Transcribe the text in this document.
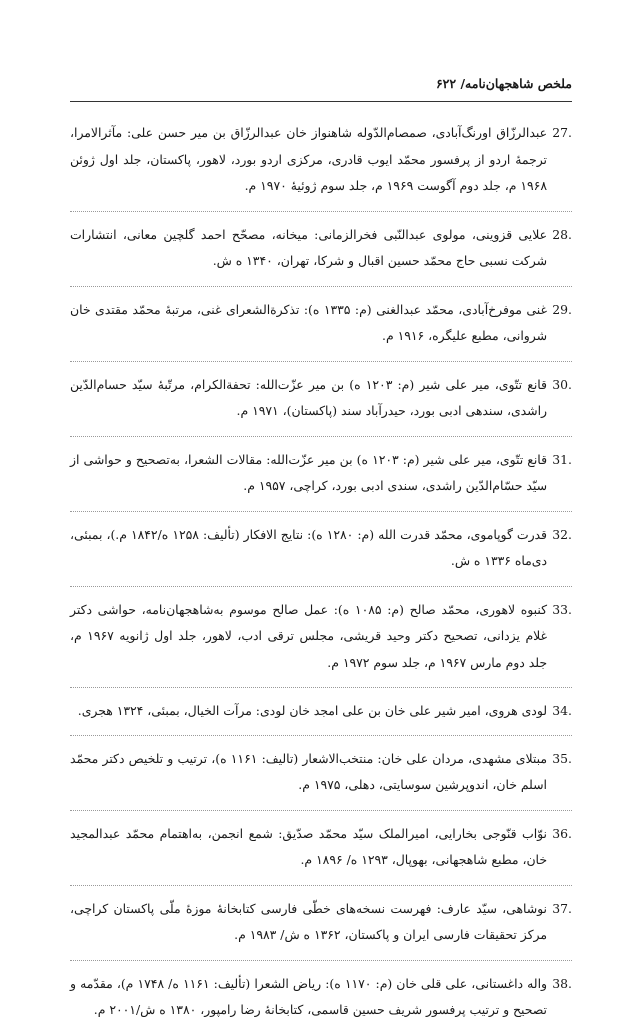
ملخص شاهجهان‌نامه/ ۶۲۲
27.
عبدالرزّاق اورنگ‌آبادی، صمصام‌الدّوله شاهنواز خان عبدالرزّاق بن میر حسن علی: مآثرالامرا، ترجمهٔ اردو از پرفسور محمّد ایوب قادری، مرکزی اردو بورد، لاهور، پاکستان، جلد اول ژوئن ۱۹۶۸ م، جلد دوم آگوست ۱۹۶۹ م، جلد سوم ژوئیهٔ ۱۹۷۰ م.
28.
علایی قزوینی، مولوی عبدالنّبی فخرالزمانی: میخانه، مصحّح احمد گلچین معانی، انتشارات شرکت نسبی حاج محمّد حسین اقبال و شرکا، تهران، ۱۳۴۰ ه ش.
29.
غنی موفرخ‌آبادی، محمّد عبدالغنی (م: ۱۳۳۵ ه): تذکرة‌الشعرای غنی، مرتبهٔ محمّد مقتدی خان شروانی، مطبع علیگره، ۱۹۱۶ م.
30.
قانع تتّوی، میر علی شیر (م: ۱۲۰۳ ه) بن میر عزّت‌الله: تحفة‌الکرام، مرتّبهٔ سیّد حسام‌الدّین راشدی، سندهی ادبی بورد، حیدرآباد سند (پاکستان)، ۱۹۷۱ م.
31.
قانع تتّوی، میر علی شیر (م: ۱۲۰۳ ه) بن میر عزّت‌الله: مقالات الشعرا، به‌تصحیح و حواشی از سیّد حسّام‌الدّین راشدی، سندی ادبی بورد، کراچی، ۱۹۵۷ م.
32.
قدرت گوپاموی، محمّد قدرت الله (م: ۱۲۸۰ ه): نتایج الافکار (تألیف: ۱۲۵۸ ه/۱۸۴۲ م.)، بمبئی، دی‌ماه ۱۳۳۶ ه ش.
33.
کنبوه لاهوری، محمّد صالح (م: ۱۰۸۵ ه): عمل صالح موسوم به‌شاهجهان‌نامه، حواشی دکتر غلام یزدانی، تصحیح دکتر وحید قریشی، مجلس ترقی ادب، لاهور، جلد اول ژانویه ۱۹۶۷ م، جلد دوم مارس ۱۹۶۷ م، جلد سوم ۱۹۷۲ م.
34.
لودی هروی، امیر شیر علی خان بن علی امجد خان لودی: مرآت الخیال، بمبئی، ۱۳۲۴ هجری.
35.
مبتلای مشهدی، مردان علی خان: منتخب‌الاشعار (تالیف: ۱۱۶۱ ه)، ترتیب و تلخیص دکتر محمّد اسلم خان، اندوپرشین سوسایتی، دهلی، ۱۹۷۵ م.
36.
نوّاب قنّوجی بخارایی، امیرالملک سیّد محمّد صدّیق: شمع انجمن، به‌اهتمام محمّد عبدالمجید خان، مطبع شاهجهانی، بهوپال، ۱۲۹۳ ه/ ۱۸۹۶ م.
37.
نوشاهی، سیّد عارف: فهرست نسخه‌های خطّی فارسی کتابخانهٔ موزهٔ ملّی پاکستان کراچی، مرکز تحقیقات فارسی ایران و پاکستان، ۱۳۶۲ ه ش/ ۱۹۸۳ م.
38.
واله داغستانی، علی قلی خان (م: ۱۱۷۰ ه): ریاض الشعرا (تألیف: ۱۱۶۱ ه/ ۱۷۴۸ م)، مقدّمه و تصحیح و ترتیب پرفسور شریف حسین قاسمی، کتابخانهٔ رضا رامپور، ۱۳۸۰ ه ش/۲۰۰۱ م.
